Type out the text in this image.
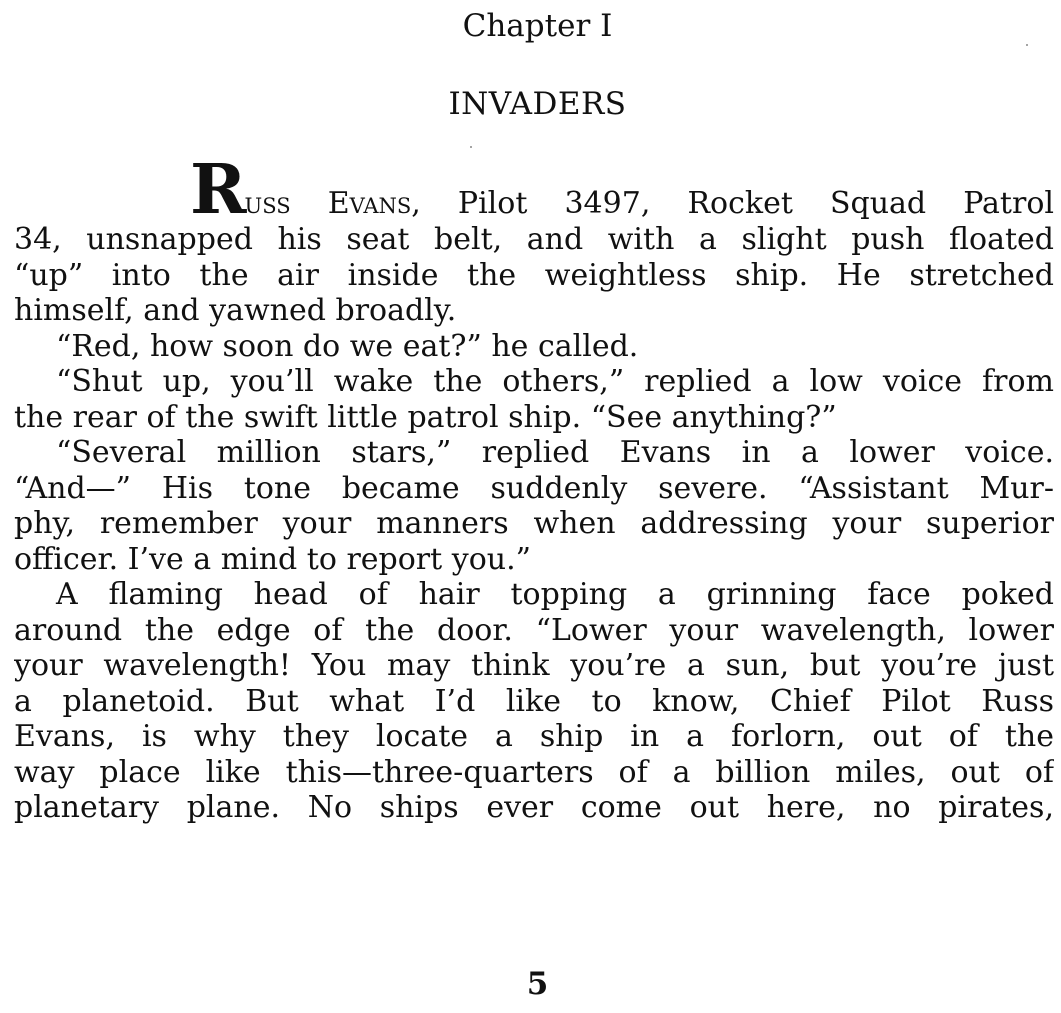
Chapter I
INVADERS
Russ Evans, Pilot 3497, Rocket Squad Patrol
34, unsnapped his seat belt, and with a slight push floated
“up” into the air inside the weightless ship. He stretched
himself, and yawned broadly.
“Red, how soon do we eat?” he called.
“Shut up, you’ll wake the others,” replied a low voice from
the rear of the swift little patrol ship. “See anything?”
“Several million stars,” replied Evans in a lower voice.
“And—” His tone became suddenly severe. “Assistant Mur-
phy, remember your manners when addressing your superior
officer. I’ve a mind to report you.”
A flaming head of hair topping a grinning face poked
around the edge of the door. “Lower your wavelength, lower
your wavelength! You may think you’re a sun, but you’re just
a planetoid. But what I’d like to know, Chief Pilot Russ
Evans, is why they locate a ship in a forlorn, out of the
way place like this—three-quarters of a billion miles, out of
planetary plane. No ships ever come out here, no pirates,
5
